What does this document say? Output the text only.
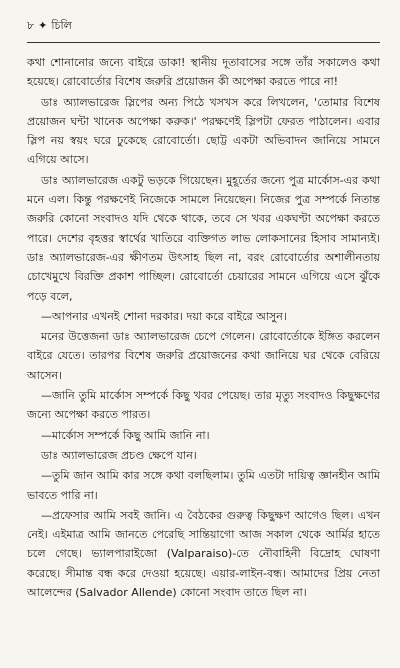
৮ ✦ চিলি

কথা শোনানোর জন্যে বাইরে ডাকা! স্থানীয় দূতাবাসের সঙ্গে তাঁর সকালেও কথা হয়েছে। রোবোর্তোর বিশেষ জরুরি প্রয়োজন কী অপেক্ষা করতে পারে না!

ডাঃ অ্যালভারেজ স্লিপের অন্য পিঠে খসখস করে লিখলেন, 'তোমার বিশেষ প্রয়োজন ঘন্টা খানেক অপেক্ষা করুক।' পরক্ষণেই স্লিপটা ফেরত পাঠালেন। এবার স্লিপ নয় স্বয়ং ঘরে ঢুকেছে রোবোর্তো। ছোট্ট একটা অভিবাদন জানিয়ে সামনে এগিয়ে আসে।

ডাঃ অ্যালভারেজ একটু ভড়কে গিয়েছেন। মুহূর্তের জন্যে পুত্র মার্কোস-এর কথা মনে এল। কিন্তু পরক্ষণেই নিজেকে সামলে নিয়েছেন। নিজের পুত্র সম্পর্কে নিতান্ত জরুরি কোনো সংবাদও যদি থেকে থাকে, তবে সে খবর একঘণ্টা অপেক্ষা করতে পারে। দেশের বৃহত্তর স্বার্থের খাতিরে ব্যক্তিগত লাভ লোকসানের হিসাব সামান্যই। ডাঃ অ্যালভারেজ-এর ক্ষীণতম উৎসাহ ছিল না, বরং রোবোর্তোর অশালীনতায় চোখেমুখে বিরক্তি প্রকাশ পাচ্ছিল। রোবোর্তো চেয়ারের সামনে এগিয়ে এসে ঝুঁকে পড়ে বলে,

—আপনার এখনই শোনা দরকার। দয়া করে বাইরে আসুন।

মনের উত্তেজনা ডাঃ অ্যালভারেজ চেপে গেলেন। রোবোর্তোকে ইঙ্গিত করলেন বাইরে যেতে। তারপর বিশেষ জরুরি প্রয়োজনের কথা জানিয়ে ঘর থেকে বেরিয়ে আসেন।

—জানি তুমি মার্কোস সম্পর্কে কিছু খবর পেয়েছ। তার মৃত্যু সংবাদও কিছুক্ষণের জন্যে অপেক্ষা করতে পারত।

—মার্কোস সম্পর্কে কিছু আমি জানি না।

ডাঃ অ্যালভারেজ প্রচণ্ড ক্ষেপে যান।

—তুমি জান আমি কার সঙ্গে কথা বলছিলাম। তুমি এতটা দায়িত্ব জ্ঞানহীন আমি ভাবতে পারি না।

—প্রফেসার আমি সবই জানি। এ বৈঠকের গুরুত্ব কিছুক্ষণ আগেও ছিল। এখন নেই। এইমাত্র আমি জানতে পেরেছি সান্তিয়াগো আজ সকাল থেকে আর্মির হাতে চলে গেছে। ভ্যালপারাইজো (Valparaiso)-তে নৌবাহিনী বিদ্রোহ ঘোষণা করেছে। সীমান্ত বন্ধ করে দেওয়া হয়েছে। এয়ার-লাইন-বন্ধ। আমাদের প্রিয় নেতা আলেন্দের (Salvador Allende) কোনো সংবাদ তাতে ছিল না।
